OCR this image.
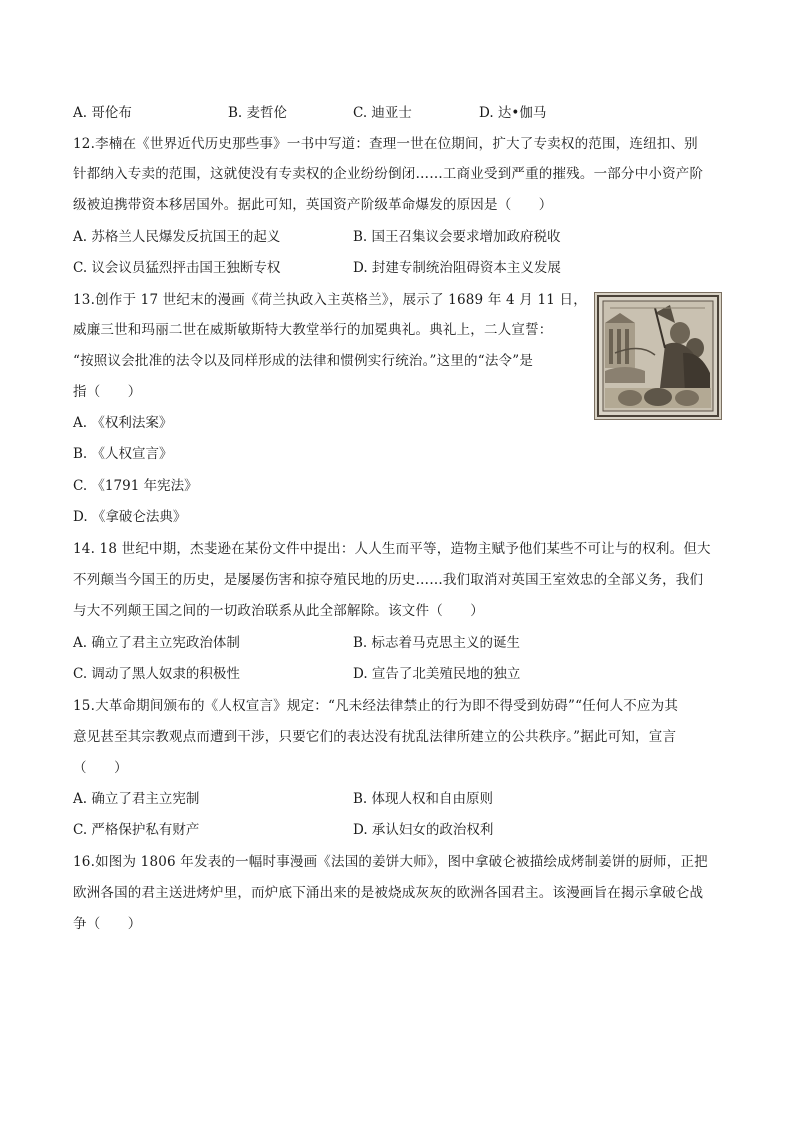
A. 哥伦布	B. 麦哲伦	C. 迪亚士	D. 达•伽马
12.李楠在《世界近代历史那些事》一书中写道：查理一世在位期间，扩大了专卖权的范围，连纽扣、别
针都纳入专卖的范围，这就使没有专卖权的企业纷纷倒闭……工商业受到严重的摧残。一部分中小资产阶
级被迫携带资本移居国外。据此可知，英国资产阶级革命爆发的原因是（　　）
A. 苏格兰人民爆发反抗国王的起义	B. 国王召集议会要求增加政府税收
C. 议会议员猛烈抨击国王独断专权	D. 封建专制统治阻碍资本主义发展
13.创作于 17 世纪末的漫画《荷兰执政入主英格兰》，展示了 1689 年 4 月 11 日，
威廉三世和玛丽二世在威斯敏斯特大教堂举行的加冕典礼。典礼上，二人宣誓：
“按照议会批准的法令以及同样形成的法律和惯例实行统治。”这里的“法令”是
指（　　）
A. 《权利法案》
B. 《人权宣言》
C. 《1791 年宪法》
D. 《拿破仑法典》
14. 18 世纪中期，杰斐逊在某份文件中提出：人人生而平等，造物主赋予他们某些不可让与的权利。但大
不列颠当今国王的历史，是屡屡伤害和掠夺殖民地的历史……我们取消对英国王室效忠的全部义务，我们
与大不列颠王国之间的一切政治联系从此全部解除。该文件（　　）
A. 确立了君主立宪政治体制	B. 标志着马克思主义的诞生
C. 调动了黑人奴隶的积极性	D. 宣告了北美殖民地的独立
15.大革命期间颁布的《人权宣言》规定：“凡未经法律禁止的行为即不得受到妨碍”“任何人不应为其
意见甚至其宗教观点而遭到干涉，只要它们的表达没有扰乱法律所建立的公共秩序。”据此可知，宣言
（　　）
A. 确立了君主立宪制	B. 体现人权和自由原则
C. 严格保护私有财产	D. 承认妇女的政治权利
16.如图为 1806 年发表的一幅时事漫画《法国的姜饼大师》，图中拿破仑被描绘成烤制姜饼的厨师，正把
欧洲各国的君主送进烤炉里，而炉底下涌出来的是被烧成灰灰的欧洲各国君主。该漫画旨在揭示拿破仑战
争（　　）
